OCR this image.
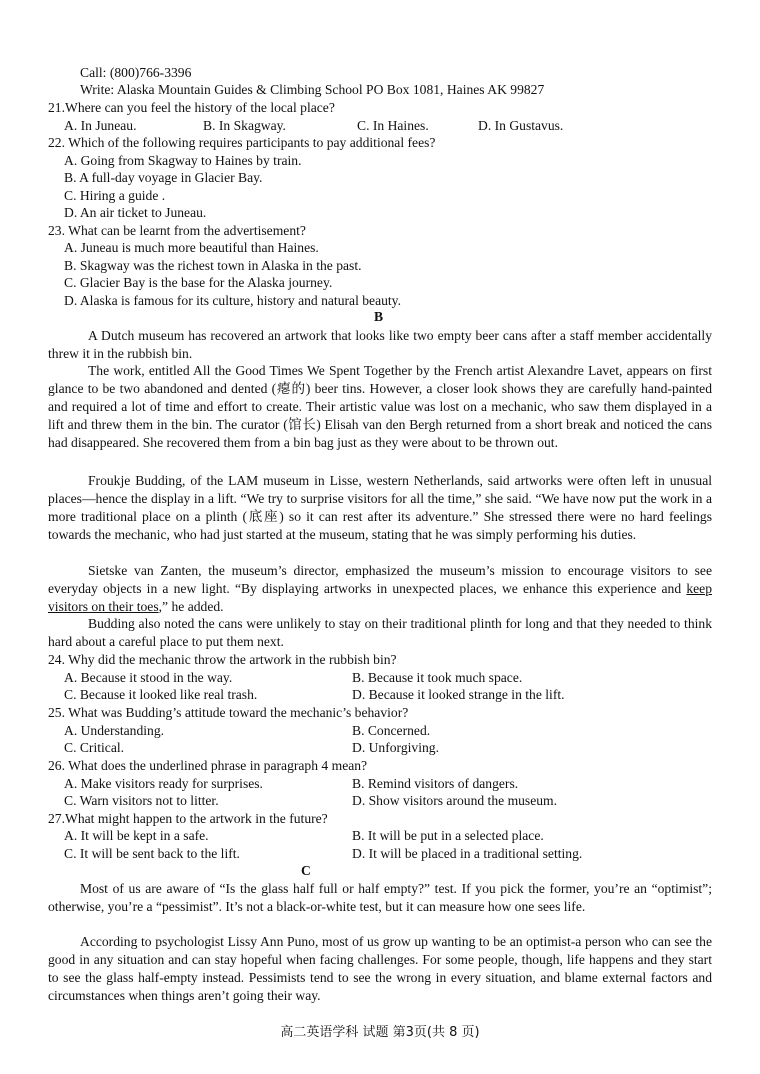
Call: (800)766-3396
Write: Alaska Mountain Guides & Climbing School PO Box 1081, Haines AK 99827
21.Where can you feel the history of the local place?
A. In Juneau.	B. In Skagway.	C. In Haines.	D. In Gustavus.
22. Which of the following requires participants to pay additional fees?
A. Going from Skagway to Haines by train.
B. A full-day voyage in Glacier Bay.
C. Hiring a guide .
D. An air ticket to Juneau.
23. What can be learnt from the advertisement?
A. Juneau is much more beautiful than Haines.
B. Skagway was the richest town in Alaska in the past.
C. Glacier Bay is the base for the Alaska journey.
D. Alaska is famous for its culture, history and natural beauty.
B
A Dutch museum has recovered an artwork that looks like two empty beer cans after a staff member accidentally threw it in the rubbish bin.
The work, entitled All the Good Times We Spent Together by the French artist Alexandre Lavet, appears on first glance to be two abandoned and dented (瘪的) beer tins. However, a closer look shows they are carefully hand-painted and required a lot of time and effort to create. Their artistic value was lost on a mechanic, who saw them displayed in a lift and threw them in the bin. The curator (馆长) Elisah van den Bergh returned from a short break and noticed the cans had disappeared. She recovered them from a bin bag just as they were about to be thrown out.
Froukje Budding, of the LAM museum in Lisse, western Netherlands, said artworks were often left in unusual places—hence the display in a lift. “We try to surprise visitors for all the time,” she said. “We have now put the work in a more traditional place on a plinth (底座) so it can rest after its adventure.” She stressed there were no hard feelings towards the mechanic, who had just started at the museum, stating that he was simply performing his duties.
Sietske van Zanten, the museum’s director, emphasized the museum’s mission to encourage visitors to see everyday objects in a new light. “By displaying artworks in unexpected places, we enhance this experience and keep visitors on their toes,” he added.
Budding also noted the cans were unlikely to stay on their traditional plinth for long and that they needed to think hard about a careful place to put them next.
24. Why did the mechanic throw the artwork in the rubbish bin?
A. Because it stood in the way.	B. Because it took much space.
C. Because it looked like real trash.	D. Because it looked strange in the lift.
25. What was Budding’s attitude toward the mechanic’s behavior?
A. Understanding.	B. Concerned.
C. Critical.	D. Unforgiving.
26. What does the underlined phrase in paragraph 4 mean?
A. Make visitors ready for surprises.	B. Remind visitors of dangers.
C. Warn visitors not to litter.	D. Show visitors around the museum.
27.What might happen to the artwork in the future?
A. It will be kept in a safe.	B. It will be put in a selected place.
C. It will be sent back to the lift.	D. It will be placed in a traditional setting.
C
Most of us are aware of “Is the glass half full or half empty?” test. If you pick the former, you’re an “optimist”; otherwise, you’re a “pessimist”. It’s not a black-or-white test, but it can measure how one sees life.
According to psychologist Lissy Ann Puno, most of us grow up wanting to be an optimist-a person who can see the good in any situation and can stay hopeful when facing challenges. For some people, though, life happens and they start to see the glass half-empty instead. Pessimists tend to see the wrong in every situation, and blame external factors and circumstances when things aren’t going their way.
高二英语学科 试题 第3页(共 8 页)
